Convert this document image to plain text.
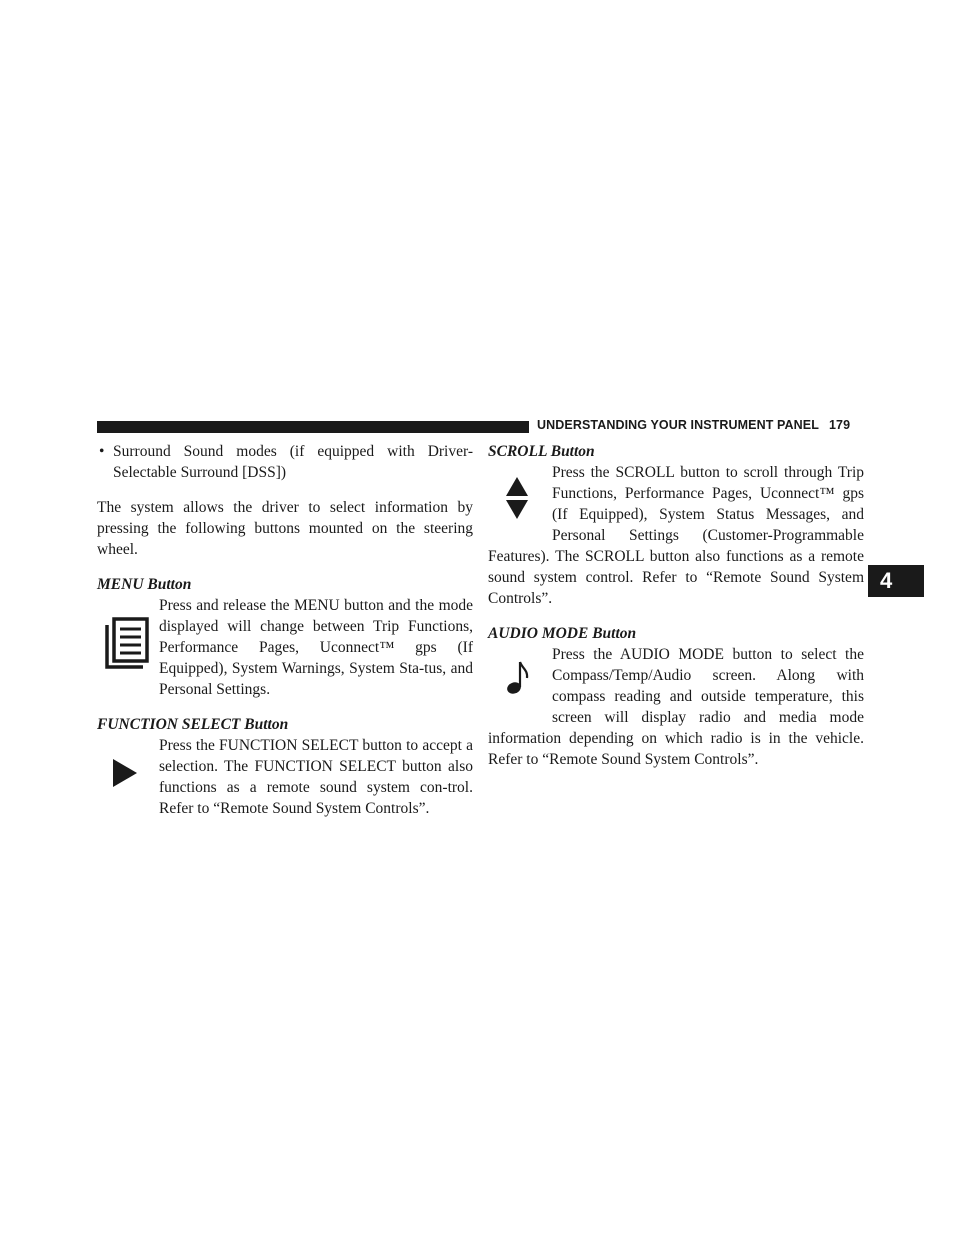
UNDERSTANDING YOUR INSTRUMENT PANEL 179
4
• Surround Sound modes (if equipped with Driver-
Selectable Surround [DSS])

The system allows the driver to select information by pressing the following buttons mounted on the steering wheel.

MENU Button

Press and release the MENU button and the mode displayed will change between Trip Functions, Performance Pages, Uconnect™ gps (If Equipped), System Warnings, System Sta-tus, and Personal Settings.

FUNCTION SELECT Button

Press the FUNCTION SELECT button to accept a selection. The FUNCTION SELECT button also functions as a remote sound system con-trol. Refer to “Remote Sound System Controls”.

SCROLL Button

Press the SCROLL button to scroll through Trip Functions, Performance Pages, Uconnect™ gps (If Equipped), System Status Messages, and Personal Settings (Customer-Programmable Features). The SCROLL button also functions as a remote sound system control. Refer to “Remote Sound System Controls”.

AUDIO MODE Button

Press the AUDIO MODE button to select the Compass/Temp/Audio screen. Along with compass reading and outside temperature, this screen will display radio and media mode information depending on which radio is in the vehicle. Refer to “Remote Sound System Controls”.
